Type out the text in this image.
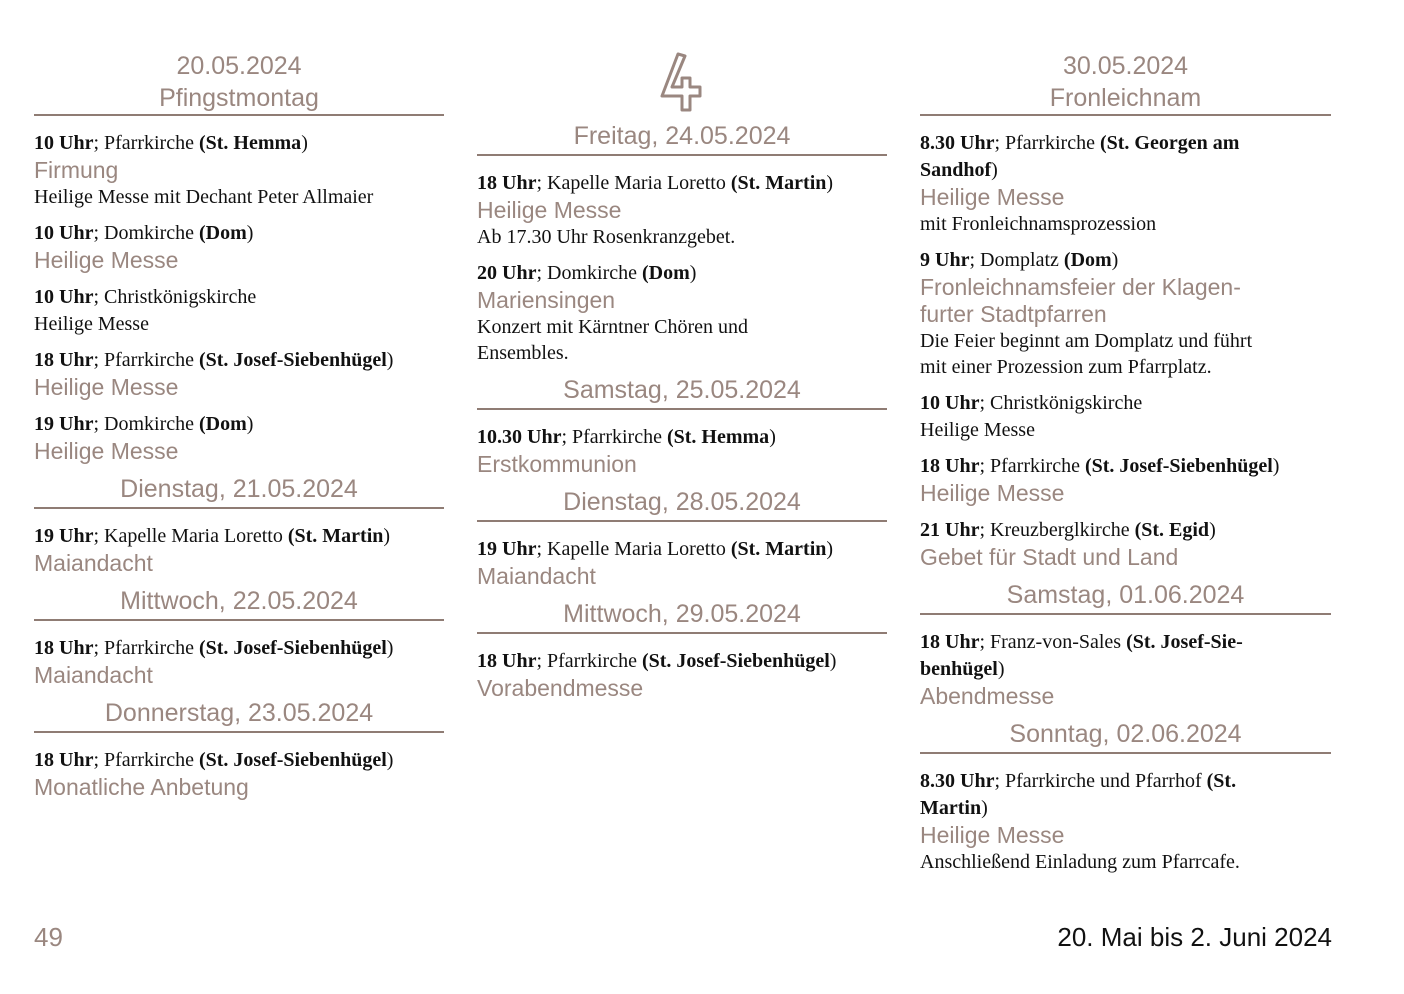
20.05.2024
Pfingstmontag
10 Uhr; Pfarrkirche (St. Hemma)
Firmung
Heilige Messe mit Dechant Peter Allmaier
10 Uhr; Domkirche (Dom)
Heilige Messe
10 Uhr; Christkönigskirche
Heilige Messe
18 Uhr; Pfarrkirche (St. Josef-Siebenhügel)
Heilige Messe
19 Uhr; Domkirche (Dom)
Heilige Messe
Dienstag, 21.05.2024
19 Uhr; Kapelle Maria Loretto (St. Martin)
Maiandacht
Mittwoch, 22.05.2024
18 Uhr; Pfarrkirche (St. Josef-Siebenhügel)
Maiandacht
Donnerstag, 23.05.2024
18 Uhr; Pfarrkirche (St. Josef-Siebenhügel)
Monatliche Anbetung
Freitag, 24.05.2024
18 Uhr; Kapelle Maria Loretto (St. Martin)
Heilige Messe
Ab 17.30 Uhr Rosenkranzgebet.
20 Uhr; Domkirche (Dom)
Mariensingen
Konzert mit Kärntner Chören und
Ensembles.
Samstag, 25.05.2024
10.30 Uhr; Pfarrkirche (St. Hemma)
Erstkommunion
Dienstag, 28.05.2024
19 Uhr; Kapelle Maria Loretto (St. Martin)
Maiandacht
Mittwoch, 29.05.2024
18 Uhr; Pfarrkirche (St. Josef-Siebenhügel)
Vorabendmesse
30.05.2024
Fronleichnam
8.30 Uhr; Pfarrkirche (St. Georgen am
Sandhof)
Heilige Messe
mit Fronleichnamsprozession
9 Uhr; Domplatz (Dom)
Fronleichnamsfeier der Klagen-
furter Stadtpfarren
Die Feier beginnt am Domplatz und führt
mit einer Prozession zum Pfarrplatz.
10 Uhr; Christkönigskirche
Heilige Messe
18 Uhr; Pfarrkirche (St. Josef-Siebenhügel)
Heilige Messe
21 Uhr; Kreuzberglkirche (St. Egid)
Gebet für Stadt und Land
Samstag, 01.06.2024
18 Uhr; Franz-von-Sales (St. Josef-Sie-
benhügel)
Abendmesse
Sonntag, 02.06.2024
8.30 Uhr; Pfarrkirche und Pfarrhof (St.
Martin)
Heilige Messe
Anschließend Einladung zum Pfarrcafe.
49	20. Mai bis 2. Juni 2024
